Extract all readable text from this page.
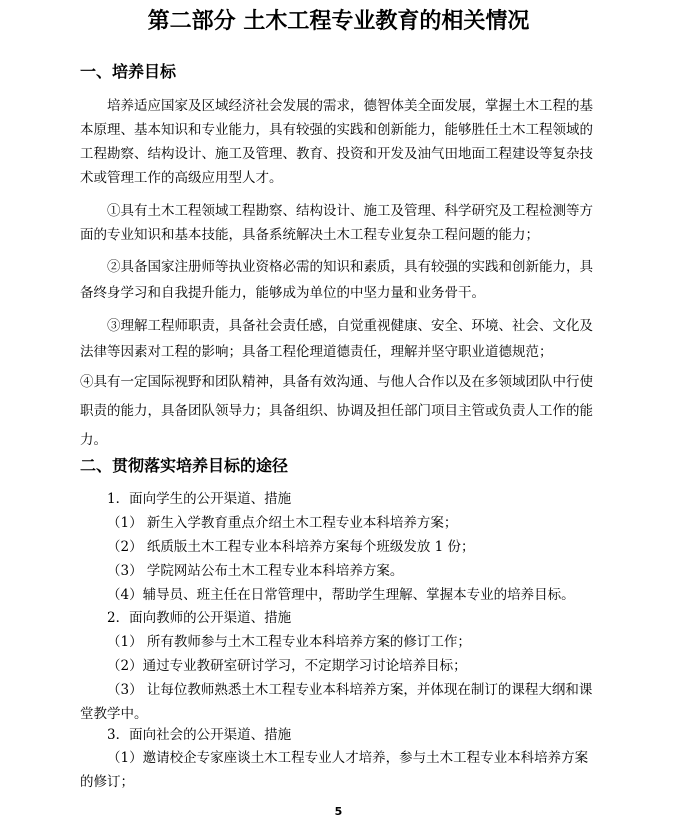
第二部分 土木工程专业教育的相关情况
一、培养目标

培养适应国家及区域经济社会发展的需求，德智体美全面发展，掌握土木工程的基本原理、基本知识和专业能力，具有较强的实践和创新能力，能够胜任土木工程领域的工程勘察、结构设计、施工及管理、教育、投资和开发及油气田地面工程建设等复杂技术或管理工作的高级应用型人才。

①具有土木工程领域工程勘察、结构设计、施工及管理、科学研究及工程检测等方面的专业知识和基本技能，具备系统解决土木工程专业复杂工程问题的能力；

②具备国家注册师等执业资格必需的知识和素质，具有较强的实践和创新能力，具备终身学习和自我提升能力，能够成为单位的中坚力量和业务骨干。

③理解工程师职责，具备社会责任感，自觉重视健康、安全、环境、社会、文化及法律等因素对工程的影响；具备工程伦理道德责任，理解并坚守职业道德规范；

④具有一定国际视野和团队精神，具备有效沟通、与他人合作以及在多领域团队中行使职责的能力，具备团队领导力；具备组织、协调及担任部门项目主管或负责人工作的能力。

二、贯彻落实培养目标的途径

1．面向学生的公开渠道、措施

（1） 新生入学教育重点介绍土木工程专业本科培养方案；

（2） 纸质版土木工程专业本科培养方案每个班级发放 1 份；

（3） 学院网站公布土木工程专业本科培养方案。

（4）辅导员、班主任在日常管理中，帮助学生理解、掌握本专业的培养目标。

2．面向教师的公开渠道、措施

（1） 所有教师参与土木工程专业本科培养方案的修订工作；

（2）通过专业教研室研讨学习，不定期学习讨论培养目标；

（3） 让每位教师熟悉土木工程专业本科培养方案，并体现在制订的课程大纲和课堂教学中。

3．面向社会的公开渠道、措施

（1）邀请校企专家座谈土木工程专业人才培养，参与土木工程专业本科培养方案的修订；

5
